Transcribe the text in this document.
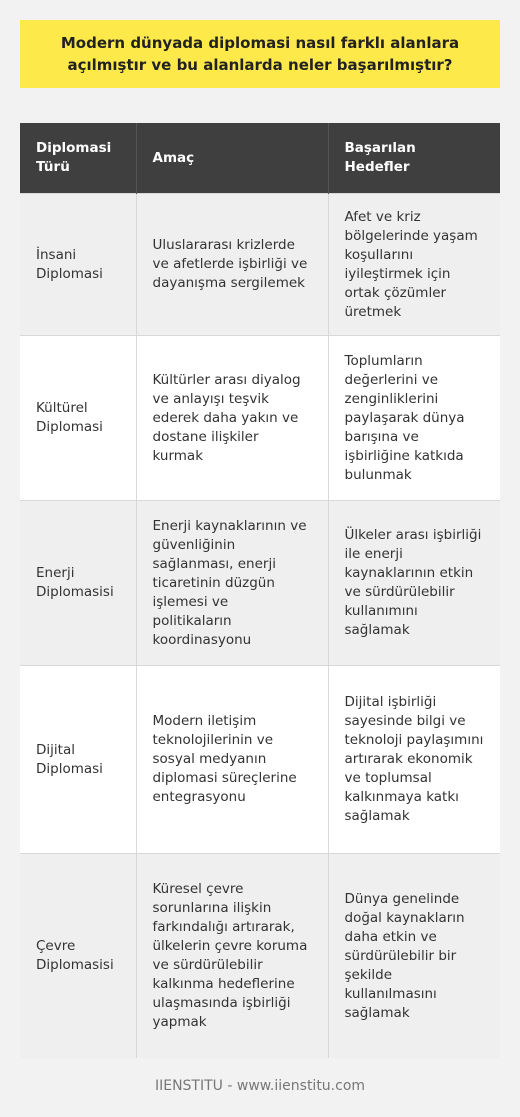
Modern dünyada diplomasi nasıl farklı alanlara açılmıştır ve bu alanlarda neler başarılmıştır?
Diplomasi Türü	Amaç	Başarılan Hedefler
İnsani Diplomasi	Uluslararası krizlerde ve afetlerde işbirliği ve dayanışma sergilemek	Afet ve kriz bölgelerinde yaşam koşullarını iyileştirmek için ortak çözümler üretmek
Kültürel Diplomasi	Kültürler arası diyalog ve anlayışı teşvik ederek daha yakın ve dostane ilişkiler kurmak	Toplumların değerlerini ve zenginliklerini paylaşarak dünya barışına ve işbirliğine katkıda bulunmak
Enerji Diplomasisi	Enerji kaynaklarının ve güvenliğinin sağlanması, enerji ticaretinin düzgün işlemesi ve politikaların koordinasyonu	Ülkeler arası işbirliği ile enerji kaynaklarının etkin ve sürdürülebilir kullanımını sağlamak
Dijital Diplomasi	Modern iletişim teknolojilerinin ve sosyal medyanın diplomasi süreçlerine entegrasyonu	Dijital işbirliği sayesinde bilgi ve teknoloji paylaşımını artırarak ekonomik ve toplumsal kalkınmaya katkı sağlamak
Çevre Diplomasisi	Küresel çevre sorunlarına ilişkin farkındalığı artırarak, ülkelerin çevre koruma ve sürdürülebilir kalkınma hedeflerine ulaşmasında işbirliği yapmak	Dünya genelinde doğal kaynakların daha etkin ve sürdürülebilir bir şekilde kullanılmasını sağlamak
IIENSTITU - www.iienstitu.com
